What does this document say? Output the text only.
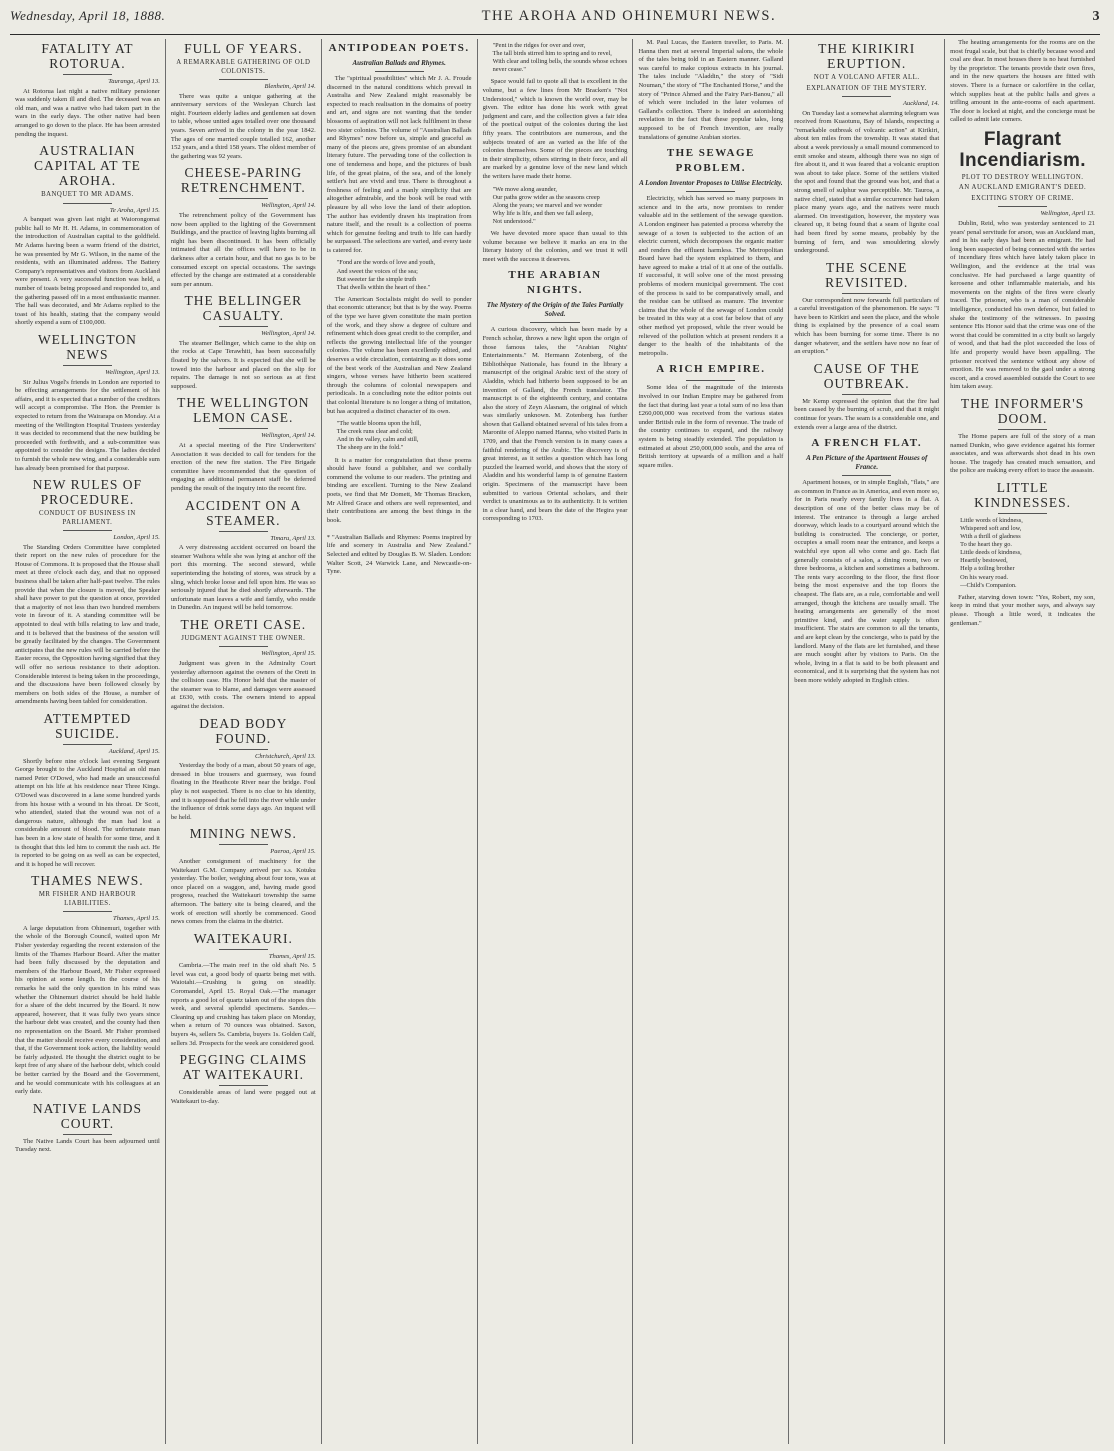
Wednesday, April 18, 1888.	THE AROHA AND OHINEMURI NEWS.	3
FATALITY AT ROTORUA.
Tauranga, April 13.

At Rotorua last night a native military pensioner was suddenly taken ill and died. The deceased was an old man, and was a native who had taken part in the wars in the early days. The other native had been arranged to go down to the place. He has been arrested pending the inquest.

AUSTRALIAN CAPITAL AT TE AROHA.
BANQUET TO MR ADAMS.
Te Aroha, April 15.

A banquet was given last night at Waiorongomai public hall to Mr H. H. Adams, in commemoration of the introduction of Australian capital to the goldfield. Mr Adams having been a warm friend of the district, he was presented by Mr G. Wilson, in the name of the residents, with an illuminated address. The Battery Company's representatives and visitors from Auckland were present. A very successful function was held, a number of toasts being proposed and responded to, and the gathering passed off in a most enthusiastic manner. The hall was decorated, and Mr Adams replied to the toast of his health, stating that the company would shortly expend a sum of £100,000.

WELLINGTON NEWS
Wellington, April 13.

Sir Julius Vogel's friends in London are reported to be effecting arrangements for the settlement of his affairs, and it is expected that a number of the creditors will accept a compromise. The Hon. the Premier is expected to return from the Wairarapa on Monday. At a meeting of the Wellington Hospital Trustees yesterday it was decided to recommend that the new building be proceeded with forthwith, and a sub-committee was appointed to consider the designs. The ladies decided to furnish the whole new wing, and a considerable sum has already been promised for that purpose.

NEW RULES OF PROCEDURE.
CONDUCT OF BUSINESS IN PARLIAMENT.
London, April 15.

The Standing Orders Committee have completed their report on the new rules of procedure for the House of Commons. It is proposed that the House shall meet at three o'clock each day, and that no opposed business shall be taken after half-past twelve. The rules provide that when the closure is moved, the Speaker shall have power to put the question at once, provided that a majority of not less than two hundred members vote in favour of it. A standing committee will be appointed to deal with bills relating to law and trade, and it is believed that the business of the session will be greatly facilitated by the changes. The Government anticipates that the new rules will be carried before the Easter recess, the Opposition having signified that they will offer no serious resistance to their adoption. Considerable interest is being taken in the proceedings, and the discussions have been followed closely by members on both sides of the House, a number of amendments having been tabled for consideration.

ATTEMPTED SUICIDE.
Auckland, April 15.

Shortly before nine o'clock last evening Sergeant George brought to the Auckland Hospital an old man named Peter O'Dowd, who had made an unsuccessful attempt on his life at his residence near Three Kings. O'Dowd was discovered in a lane some hundred yards from his house with a wound in his throat. Dr Scott, who attended, stated that the wound was not of a dangerous nature, although the man had lost a considerable amount of blood. The unfortunate man has been in a low state of health for some time, and it is thought that this led him to commit the rash act. He is reported to be going on as well as can be expected, and it is hoped he will recover.

THAMES NEWS.
MR FISHER AND HARBOUR LIABILITIES.
Thames, April 15.

A large deputation from Ohinemuri, together with the whole of the Borough Council, waited upon Mr Fisher yesterday regarding the recent extension of the limits of the Thames Harbour Board. After the matter had been fully discussed by the deputation and members of the Harbour Board, Mr Fisher expressed his opinion at some length. In the course of his remarks he said the only question in his mind was whether the Ohinemuri district should be held liable for a share of the debt incurred by the Board. It now appeared, however, that it was fully two years since the harbour debt was created, and the county had then no representation on the Board. Mr Fisher promised that the matter should receive every consideration, and that, if the Government took action, the liability would be fairly adjusted. He thought the district ought to be kept free of any share of the harbour debt, which could be better carried by the Board and the Government, and he would communicate with his colleagues at an early date.

NATIVE LANDS COURT.

The Native Lands Court has been adjourned until Tuesday next.

FULL OF YEARS.
A REMARKABLE GATHERING OF OLD COLONISTS.
Blenheim, April 14.

There was quite a unique gathering at the anniversary services of the Wesleyan Church last night. Fourteen elderly ladies and gentlemen sat down to table, whose united ages totalled over one thousand years. Seven arrived in the colony in the year 1842. The ages of one married couple totalled 162, another 152 years, and a third 158 years. The oldest member of the gathering was 92 years.

CHEESE-PARING RETRENCHMENT.
Wellington, April 14.

The retrenchment policy of the Government has now been applied to the lighting of the Government Buildings, and the practice of leaving lights burning all night has been discontinued. It has been officially intimated that all the offices will have to be in darkness after a certain hour, and that no gas is to be consumed except on special occasions. The savings effected by the change are estimated at a considerable sum per annum.

THE BELLINGER CASUALTY.
Wellington, April 14.

The steamer Bellinger, which came to the ship on the rocks at Cape Terawhiti, has been successfully floated by the salvors. It is expected that she will be towed into the harbour and placed on the slip for repairs. The damage is not so serious as at first supposed.

THE WELLINGTON LEMON CASE.
Wellington, April 14.

At a special meeting of the Fire Underwriters' Association it was decided to call for tenders for the erection of the new fire station. The Fire Brigade committee have recommended that the question of engaging an additional permanent staff be deferred pending the result of the inquiry into the recent fire.

ACCIDENT ON A STEAMER.
Timaru, April 13.

A very distressing accident occurred on board the steamer Waihora while she was lying at anchor off the port this morning. The second steward, while superintending the hoisting of stores, was struck by a sling, which broke loose and fell upon him. He was so seriously injured that he died shortly afterwards. The unfortunate man leaves a wife and family, who reside in Dunedin. An inquest will be held tomorrow.

THE ORETI CASE.
JUDGMENT AGAINST THE OWNER.
Wellington, April 15.

Judgment was given in the Admiralty Court yesterday afternoon against the owners of the Oreti in the collision case. His Honor held that the master of the steamer was to blame, and damages were assessed at £630, with costs. The owners intend to appeal against the decision.

DEAD BODY FOUND.
Christchurch, April 13.

Yesterday the body of a man, about 50 years of age, dressed in blue trousers and guernsey, was found floating in the Heathcote River near the bridge. Foul play is not suspected. There is no clue to his identity, and it is supposed that he fell into the river while under the influence of drink some days ago. An inquest will be held.

MINING NEWS.
Paeroa, April 15.

Another consignment of machinery for the Waitekauri G.M. Company arrived per s.s. Kotuku yesterday. The boiler, weighing about four tons, was at once placed on a waggon, and, having made good progress, reached the Waitekauri township the same afternoon. The battery site is being cleared, and the work of erection will shortly be commenced. Good news comes from the claims in the district.

WAITEKAURI.
Thames, April 15.

Cambria.—The main reef in the old shaft No. 5 level was cut, a good body of quartz being met with. Waiotahi.—Crushing is going on steadily. Coromandel, April 15. Royal Oak.—The manager reports a good lot of quartz taken out of the stopes this week, and several splendid specimens. Sandes.—Cleaning up and crushing has taken place on Monday, when a return of 70 ounces was obtained. Saxon, buyers 4s, sellers 5s. Cambria, buyers 1s. Golden Calf, sellers 3d. Prospects for the week are considered good.

PEGGING CLAIMS AT WAITEKAURI.

Considerable areas of land were pegged out at Waitekauri to-day.

ANTIPODEAN POETS.
Australian Ballads and Rhymes.

The "spiritual possibilities" which Mr J. A. Froude discerned in the natural conditions which prevail in Australia and New Zealand might reasonably be expected to reach realisation in the domains of poetry and art, and signs are not wanting that the tender blossoms of aspiration will not lack fulfilment in these two sister colonies. The volume of "Australian Ballads and Rhymes" now before us, simple and graceful as many of the pieces are, gives promise of an abundant literary future. The pervading tone of the collection is one of tenderness and hope, and the pictures of bush life, of the great plains, of the sea, and of the lonely settler's hut are vivid and true. There is throughout a freshness of feeling and a manly simplicity that are altogether admirable, and the book will be read with pleasure by all who love the land of their adoption. The author has evidently drawn his inspiration from nature itself, and the result is a collection of poems which for genuine feeling and truth to life can hardly be surpassed. The selections are varied, and every taste is catered for.

"Fond are the words of love and youth,
And sweet the voices of the sea;
But sweeter far the simple truth
That dwells within the heart of thee."

The American Socialists might do well to ponder that economic utterance; but that is by the way. Poems of the type we have given constitute the main portion of the work, and they show a degree of culture and refinement which does great credit to the compiler, and reflects the growing intellectual life of the younger colonies. The volume has been excellently edited, and deserves a wide circulation, containing as it does some of the best work of the Australian and New Zealand singers, whose verses have hitherto been scattered through the columns of colonial newspapers and periodicals. In a concluding note the editor points out that colonial literature is no longer a thing of imitation, but has acquired a distinct character of its own.

"The wattle blooms upon the hill,
The creek runs clear and cold;
And in the valley, calm and still,
The sheep are in the fold."

It is a matter for congratulation that these poems should have found a publisher, and we cordially commend the volume to our readers. The printing and binding are excellent. Turning to the New Zealand poets, we find that Mr Domett, Mr Thomas Bracken, Mr Alfred Grace and others are well represented, and their contributions are among the best things in the book.

* "Australian Ballads and Rhymes: Poems inspired by life and scenery in Australia and New Zealand." Selected and edited by Douglas B. W. Sladen. London: Walter Scott, 24 Warwick Lane, and Newcastle-on-Tyne.

"Pent in the ridges for over and over,
The tall birds stirred him to spring and to revel,
With clear and tolling bells, the sounds whose echoes never cease."

Space would fail to quote all that is excellent in the volume, but a few lines from Mr Bracken's "Not Understood," which is known the world over, may be given. The editor has done his work with great judgment and care, and the collection gives a fair idea of the poetical output of the colonies during the last fifty years. The contributors are numerous, and the subjects treated of are as varied as the life of the colonies themselves. Some of the pieces are touching in their simplicity, others stirring in their force, and all are marked by a genuine love of the new land which the writers have made their home.

"We move along asunder,
Our paths grow wider as the seasons creep
Along the years; we marvel and we wonder
Why life is life, and then we fall asleep,
Not understood."

We have devoted more space than usual to this volume because we believe it marks an era in the literary history of the colonies, and we trust it will meet with the success it deserves.

THE ARABIAN NIGHTS.
The Mystery of the Origin of the Tales Partially Solved.

A curious discovery, which has been made by a French scholar, throws a new light upon the origin of those famous tales, the "Arabian Nights' Entertainments." M. Hermann Zotenberg, of the Bibliothèque Nationale, has found in the library a manuscript of the original Arabic text of the story of Aladdin, which had hitherto been supposed to be an invention of Galland, the French translator. The manuscript is of the eighteenth century, and contains also the story of Zeyn Alasnam, the original of which was similarly unknown. M. Zotenberg has further shown that Galland obtained several of his tales from a Maronite of Aleppo named Hanna, who visited Paris in 1709, and that the French version is in many cases a faithful rendering of the Arabic. The discovery is of great interest, as it settles a question which has long puzzled the learned world, and shows that the story of Aladdin and his wonderful lamp is of genuine Eastern origin. Specimens of the manuscript have been submitted to various Oriental scholars, and their verdict is unanimous as to its authenticity. It is written in a clear hand, and bears the date of the Hegira year corresponding to 1703.

M. Paul Lucas, the Eastern traveller, to Paris. M. Hanna then met at several Imperial salons, the whole of the tales being told in an Eastern manner. Galland was careful to make copious extracts in his journal. The tales include "Aladdin," the story of "Sidi Nouman," the story of "The Enchanted Horse," and the story of "Prince Ahmed and the Fairy Pari-Banou," all of which were included in the later volumes of Galland's collection. There is indeed an astonishing revelation in the fact that these popular tales, long supposed to be of French invention, are really translations of genuine Arabian stories.

THE SEWAGE PROBLEM.
A London Inventor Proposes to Utilise Electricity.

Electricity, which has served so many purposes in science and in the arts, now promises to render valuable aid in the settlement of the sewage question. A London engineer has patented a process whereby the sewage of a town is subjected to the action of an electric current, which decomposes the organic matter and renders the effluent harmless. The Metropolitan Board have had the system explained to them, and have agreed to make a trial of it at one of the outfalls. If successful, it will solve one of the most pressing problems of modern municipal government. The cost of the process is said to be comparatively small, and the residue can be utilised as manure. The inventor claims that the whole of the sewage of London could be treated in this way at a cost far below that of any other method yet proposed, while the river would be relieved of the pollution which at present renders it a danger to the health of the inhabitants of the metropolis.

A RICH EMPIRE.

Some idea of the magnitude of the interests involved in our Indian Empire may be gathered from the fact that during last year a total sum of no less than £260,000,000 was received from the various states under British rule in the form of revenue. The trade of the country continues to expand, and the railway system is being steadily extended. The population is estimated at about 250,000,000 souls, and the area of British territory at upwards of a million and a half square miles.

THE KIRIKIRI ERUPTION.
NOT A VOLCANO AFTER ALL.
EXPLANATION OF THE MYSTERY.
Auckland, 14.

On Tuesday last a somewhat alarming telegram was received from Kuaotunu, Bay of Islands, respecting a "remarkable outbreak of volcanic action" at Kirikiri, about ten miles from the township. It was stated that about a week previously a small mound commenced to emit smoke and steam, although there was no sign of fire about it, and it was feared that a volcanic eruption was about to take place. Some of the settlers visited the spot and found that the ground was hot, and that a strong smell of sulphur was perceptible. Mr. Tauroa, a native chief, stated that a similar occurrence had taken place many years ago, and the natives were much alarmed. On investigation, however, the mystery was cleared up, it being found that a seam of lignite coal had been fired by some means, probably by the burning of fern, and was smouldering slowly underground.

THE SCENE REVISITED.

Our correspondent now forwards full particulars of a careful investigation of the phenomenon. He says: "I have been to Kirikiri and seen the place, and the whole thing is explained by the presence of a coal seam which has been burning for some time. There is no danger whatever, and the settlers have now no fear of an eruption."

CAUSE OF THE OUTBREAK.

Mr Kemp expressed the opinion that the fire had been caused by the burning of scrub, and that it might continue for years. The seam is a considerable one, and extends over a large area of the district.

A FRENCH FLAT.
A Pen Picture of the Apartment Houses of France.

Apartment houses, or in simple English, "flats," are as common in France as in America, and even more so, for in Paris nearly every family lives in a flat. A description of one of the better class may be of interest. The entrance is through a large arched doorway, which leads to a courtyard around which the building is constructed. The concierge, or porter, occupies a small room near the entrance, and keeps a watchful eye upon all who come and go. Each flat generally consists of a salon, a dining room, two or three bedrooms, a kitchen and sometimes a bathroom. The rents vary according to the floor, the first floor being the most expensive and the top floors the cheapest. The flats are, as a rule, comfortable and well arranged, though the kitchens are usually small. The heating arrangements are generally of the most primitive kind, and the water supply is often insufficient. The stairs are common to all the tenants, and are kept clean by the concierge, who is paid by the landlord. Many of the flats are let furnished, and these are much sought after by visitors to Paris. On the whole, living in a flat is said to be both pleasant and economical, and it is surprising that the system has not been more widely adopted in English cities.

The heating arrangements for the rooms are on the most frugal scale, but that is chiefly because wood and coal are dear. In most houses there is no heat furnished by the proprietor. The tenants provide their own fires, and in the new quarters the houses are fitted with stoves. There is a furnace or calorifère in the cellar, which supplies heat at the public halls and gives a trifling amount in the ante-rooms of each apartment. The door is locked at night, and the concierge must be called to admit late comers.

Flagrant Incendiarism.
PLOT TO DESTROY WELLINGTON.
AN AUCKLAND EMIGRANT'S DEED.
EXCITING STORY OF CRIME.
Wellington, April 13.

Dublin, Reid, who was yesterday sentenced to 21 years' penal servitude for arson, was an Auckland man, and in his early days had been an emigrant. He had long been suspected of being connected with the series of incendiary fires which have lately taken place in Wellington, and the evidence at the trial was conclusive. He had purchased a large quantity of kerosene and other inflammable materials, and his movements on the nights of the fires were clearly traced. The prisoner, who is a man of considerable intelligence, conducted his own defence, but failed to shake the testimony of the witnesses. In passing sentence His Honor said that the crime was one of the worst that could be committed in a city built so largely of wood, and that had the plot succeeded the loss of life and property would have been appalling. The prisoner received the sentence without any show of emotion. He was removed to the gaol under a strong escort, and a crowd assembled outside the Court to see him taken away.

THE INFORMER'S DOOM.

The Home papers are full of the story of a man named Dunkin, who gave evidence against his former associates, and was afterwards shot dead in his own house. The tragedy has created much sensation, and the police are making every effort to trace the assassin.

LITTLE KINDNESSES.
Little words of kindness,
Whispered soft and low,
With a thrill of gladness
To the heart they go.
Little deeds of kindness,
Heartily bestowed,
Help a toiling brother
On his weary road.
—Child's Companion.

Father, starving down town: "Yes, Robert, my son, keep in mind that your mother says, and always say please. Though a little word, it indicates the gentleman."
